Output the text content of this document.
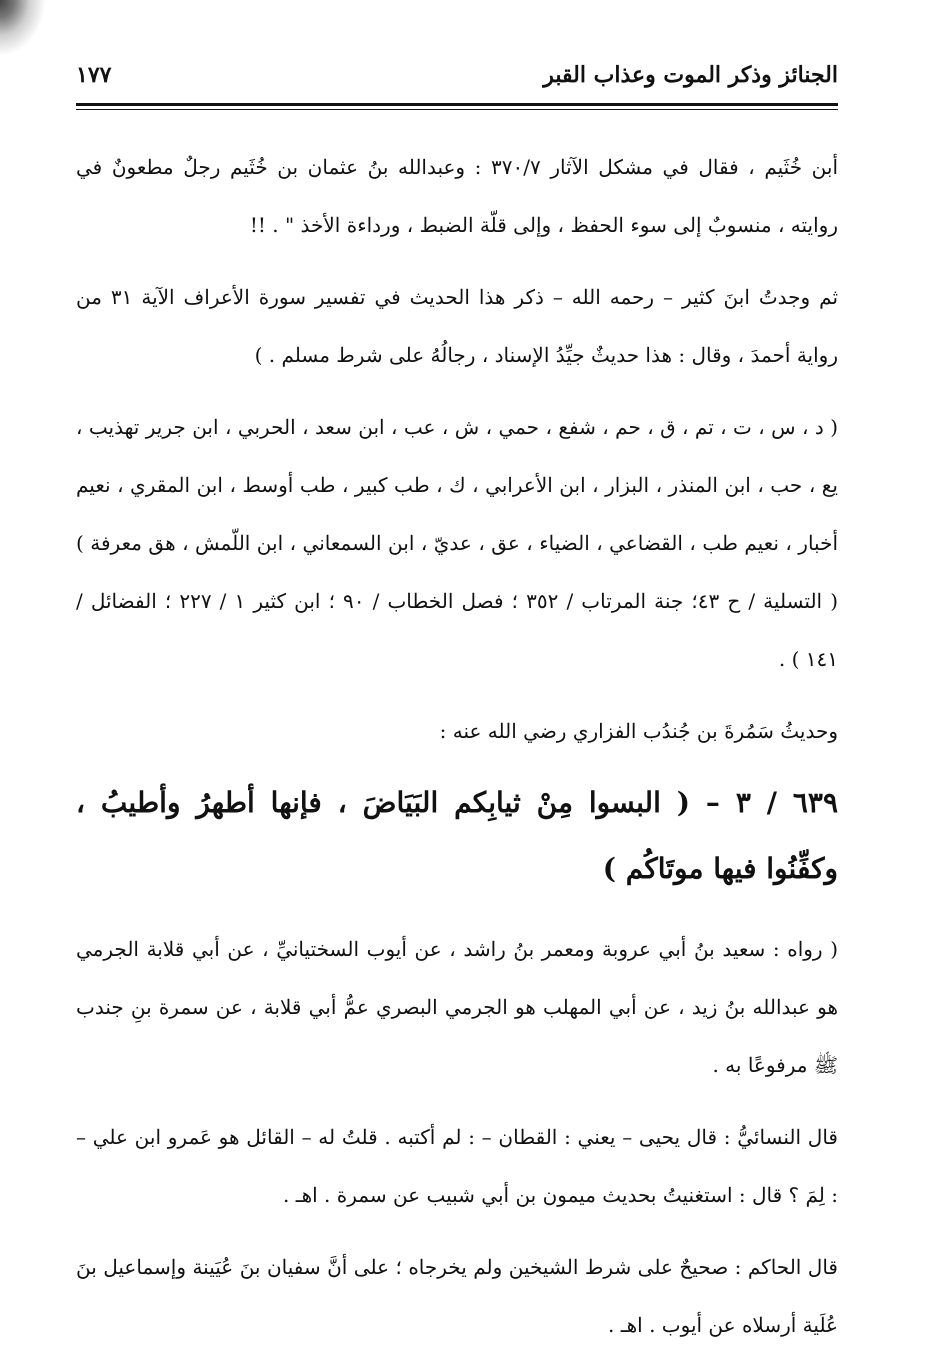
الجنائز وذكر الموت وعذاب القبر
١٧٧

أبن خُثَيم ، فقال في مشكل الآثار ٣٧٠/٧ : وعبدالله بنُ عثمان بن خُثَيم رجلٌ مطعونٌ في روايته ، منسوبٌ إلى سوء الحفظ ، وإلى قلّة الضبط ، ورداءة الأخذ " . !!

ثم وجدتُ ابنَ كثير – رحمه الله – ذكر هذا الحديث في تفسير سورة الأعراف الآية ٣١ من رواية أحمدَ ، وقال : هذا حديثٌ جيِّدُ الإسناد ، رجالُهُ على شرط مسلم . )

( د ، س ، ت ، تم ، ق ، حم ، شفع ، حمي ، ش ، عب ، ابن سعد ، الحربي ، ابن جرير تهذيب ، يع ، حب ، ابن المنذر ، البزار ، ابن الأعرابي ، ك ، طب كبير ، طب أوسط ، ابن المقري ، نعيم أخبار ، نعيم طب ، القضاعي ، الضياء ، عق ، عديّ ، ابن السمعاني ، ابن اللّمش ، هق معرفة ) ( التسلية / ح ٤٣؛ جنة المرتاب / ٣٥٢ ؛ فصل الخطاب / ٩٠ ؛ ابن كثير ١ / ٢٢٧ ؛ الفضائل / ١٤١ ) .

وحديثُ سَمُرةَ بن جُندُب الفزاري رضي الله عنه :

٦٣٩ / ٣ – ( البسوا مِنْ ثيابِكم البَيَاضَ ، فإنها أطهرُ وأطيبُ ، وكفِّنُوا فيها موتَاكُم )

( رواه : سعيد بنُ أبي عروبة ومعمر بنُ راشد ، عن أيوب السختيانيِّ ، عن أبي قلابة الجرمي هو عبدالله بنُ زيد ، عن أبي المهلب هو الجرمي البصري عمُّ أبي قلابة ، عن سمرة بنِ جندب ﷺ مرفوعًا به .

قال النسائيُّ : قال يحيى – يعني : القطان – : لم أكتبه . قلتُ له – القائل هو عَمرو ابن علي – : لِمَ ؟ قال : استغنيتُ بحديث ميمون بن أبي شبيب عن سمرة . اهـ .

قال الحاكم : صحيحٌ على شرط الشيخين ولم يخرجاه ؛ على أنَّ سفيان بنَ عُيَينة وإسماعيل بنَ عُلَية أرسلاه عن أيوب . اهـ .
